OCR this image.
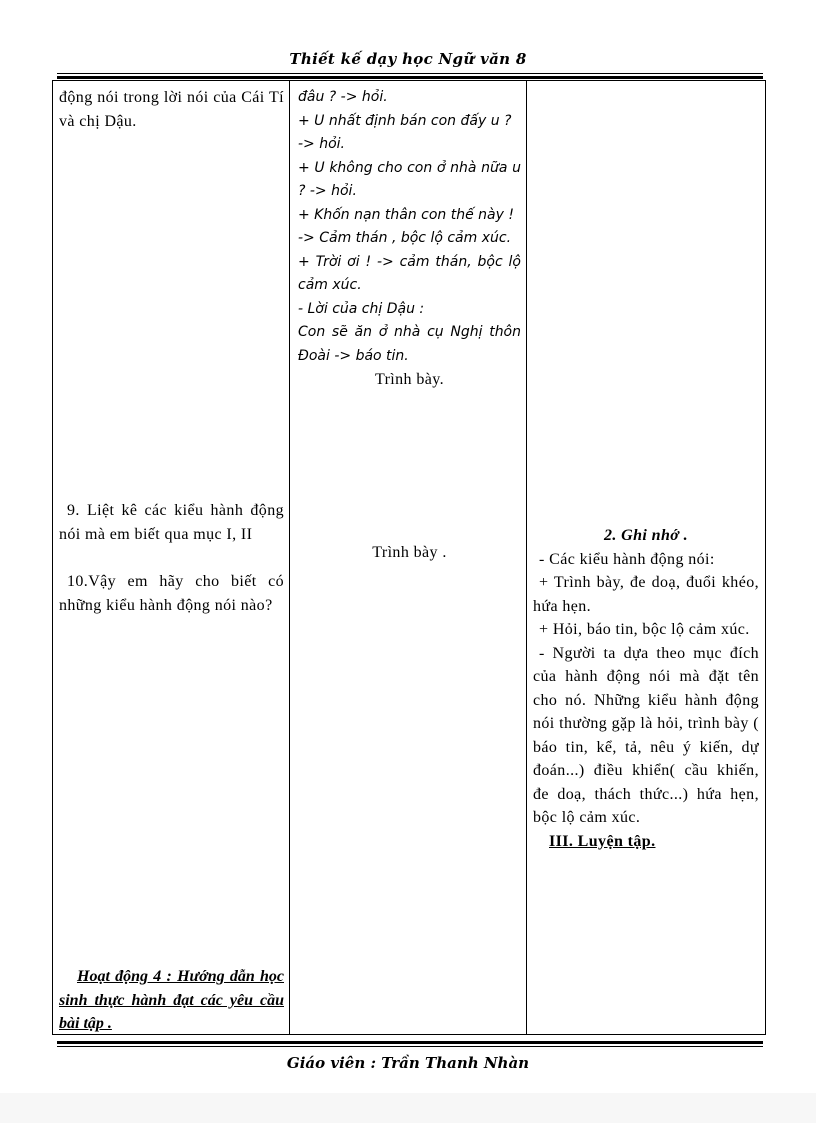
Thiết kế dạy học Ngữ văn 8

động nói trong lời nói của Cái Tí và chị Dậu.

9. Liệt kê các kiểu hành động nói mà em biết qua mục I, II

10.Vậy em hãy cho biết có những kiểu hành động nói nào?

Hoạt động 4 : Hướng dẫn học sinh thực hành đạt các yêu cầu bài tập .

đâu ? -> hỏi.

+ U nhất định bán con đấy u ?

-> hỏi.

+ U không cho con ở nhà nữa u ? -> hỏi.

+ Khốn nạn thân con thế này !

-> Cảm thán , bộc lộ cảm xúc.

+ Trời ơi ! -> cảm thán, bộc lộ cảm xúc.

- Lời của chị Dậu :

Con sẽ ăn ở nhà cụ Nghị thôn Đoài -> báo tin.

Trình bày.

Trình bày .

2. Ghi nhớ .

- Các kiểu hành động nói:

+ Trình bày, đe doạ, đuổi khéo, hứa hẹn.

+ Hỏi, báo tin, bộc lộ cảm xúc.

- Người ta dựa theo mục đích của hành động nói mà đặt tên cho nó. Những kiểu hành động nói thường gặp là hỏi, trình bày ( báo tin, kể, tả, nêu ý kiến, dự đoán...) điều khiển( cầu khiến, đe doạ, thách thức...) hứa hẹn, bộc lộ cảm xúc.

III. Luyện tập.

Giáo viên : Trần Thanh Nhàn
